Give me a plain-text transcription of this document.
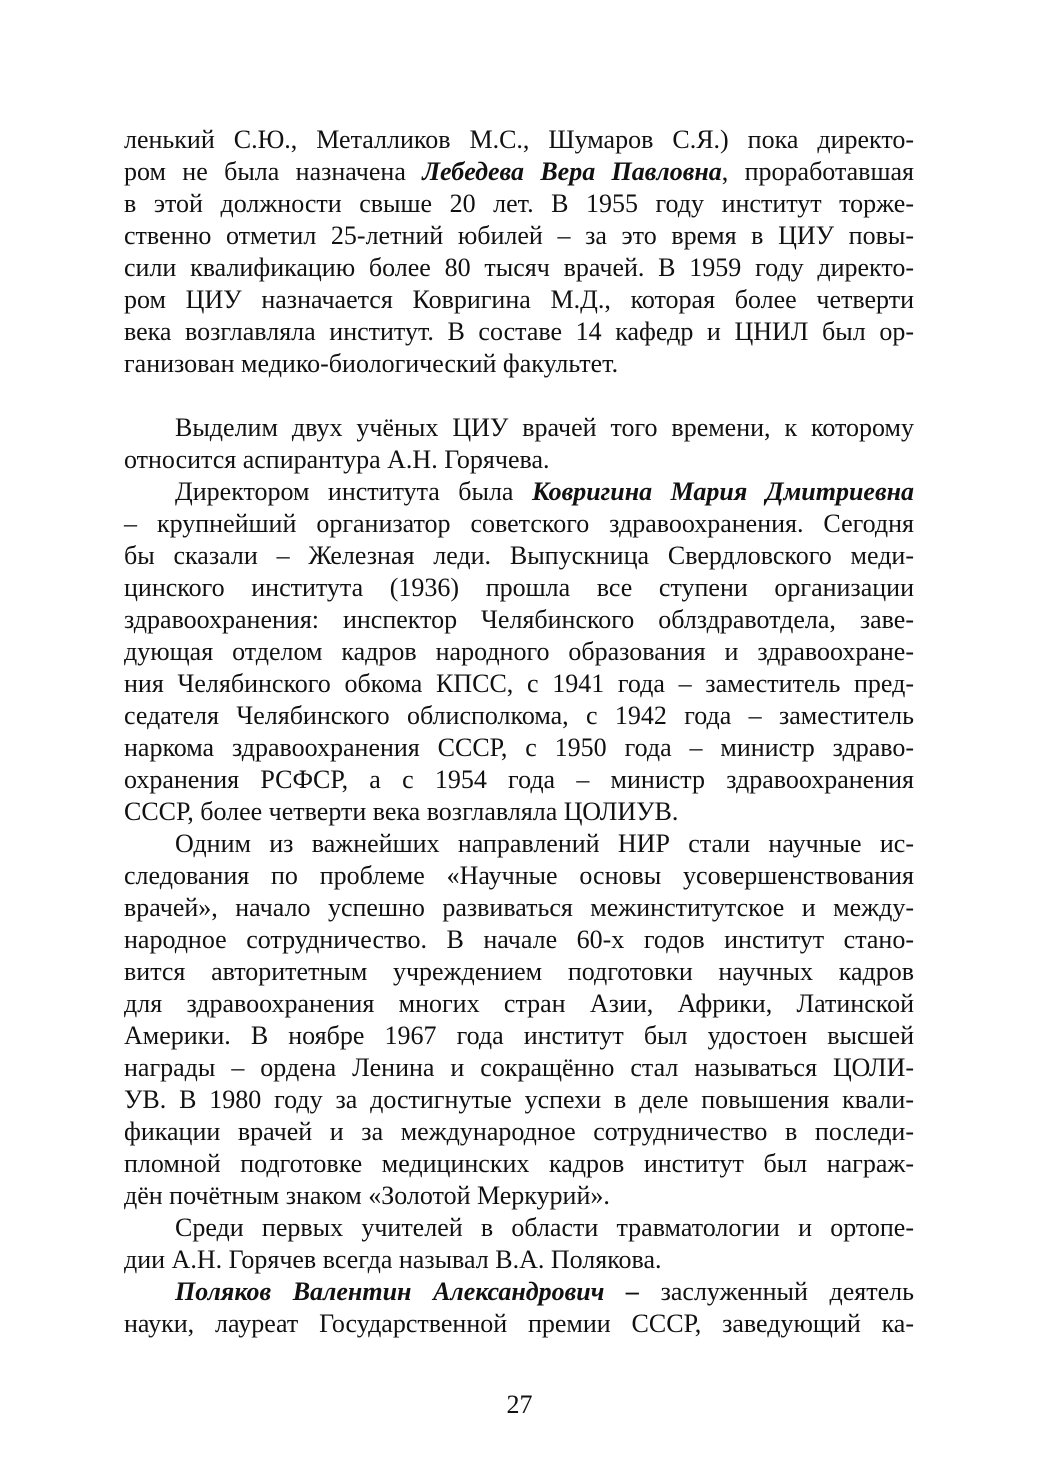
ленький С.Ю., Металликов М.С., Шумаров С.Я.) пока директо-
ром не была назначена Лебедева Вера Павловна, проработавшая
в этой должности свыше 20 лет. В 1955 году институт торже-
ственно отметил 25-летний юбилей – за это время в ЦИУ повы-
сили квалификацию более 80 тысяч врачей. В 1959 году директо-
ром ЦИУ назначается Ковригина М.Д., которая более четверти
века возглавляла институт. В составе 14 кафедр и ЦНИЛ был ор-
ганизован медико-биологический факультет.
Выделим двух учёных ЦИУ врачей того времени, к которому
относится аспирантура А.Н. Горячева.
Директором института была Ковригина Мария Дмитриевна
– крупнейший организатор советского здравоохранения. Сегодня
бы сказали – Железная леди. Выпускница Свердловского меди-
цинского института (1936) прошла все ступени организации
здравоохранения: инспектор Челябинского облздравотдела, заве-
дующая отделом кадров народного образования и здравоохране-
ния Челябинского обкома КПСС, с 1941 года – заместитель пред-
седателя Челябинского облисполкома, с 1942 года – заместитель
наркома здравоохранения СССР, с 1950 года – министр здраво-
охранения РСФСР, а с 1954 года – министр здравоохранения
СССР, более четверти века возглавляла ЦОЛИУВ.
Одним из важнейших направлений НИР стали научные ис-
следования по проблеме «Научные основы усовершенствования
врачей», начало успешно развиваться межинститутское и между-
народное сотрудничество. В начале 60-х годов институт стано-
вится авторитетным учреждением подготовки научных кадров
для здравоохранения многих стран Азии, Африки, Латинской
Америки. В ноябре 1967 года институт был удостоен высшей
награды – ордена Ленина и сокращённо стал называться ЦОЛИ-
УВ. В 1980 году за достигнутые успехи в деле повышения квали-
фикации врачей и за международное сотрудничество в последи-
пломной подготовке медицинских кадров институт был награж-
дён почётным знаком «Золотой Меркурий».
Среди первых учителей в области травматологии и ортопе-
дии А.Н. Горячев всегда называл В.А. Полякова.
Поляков Валентин Александрович – заслуженный деятель
науки, лауреат Государственной премии СССР, заведующий ка-
27
